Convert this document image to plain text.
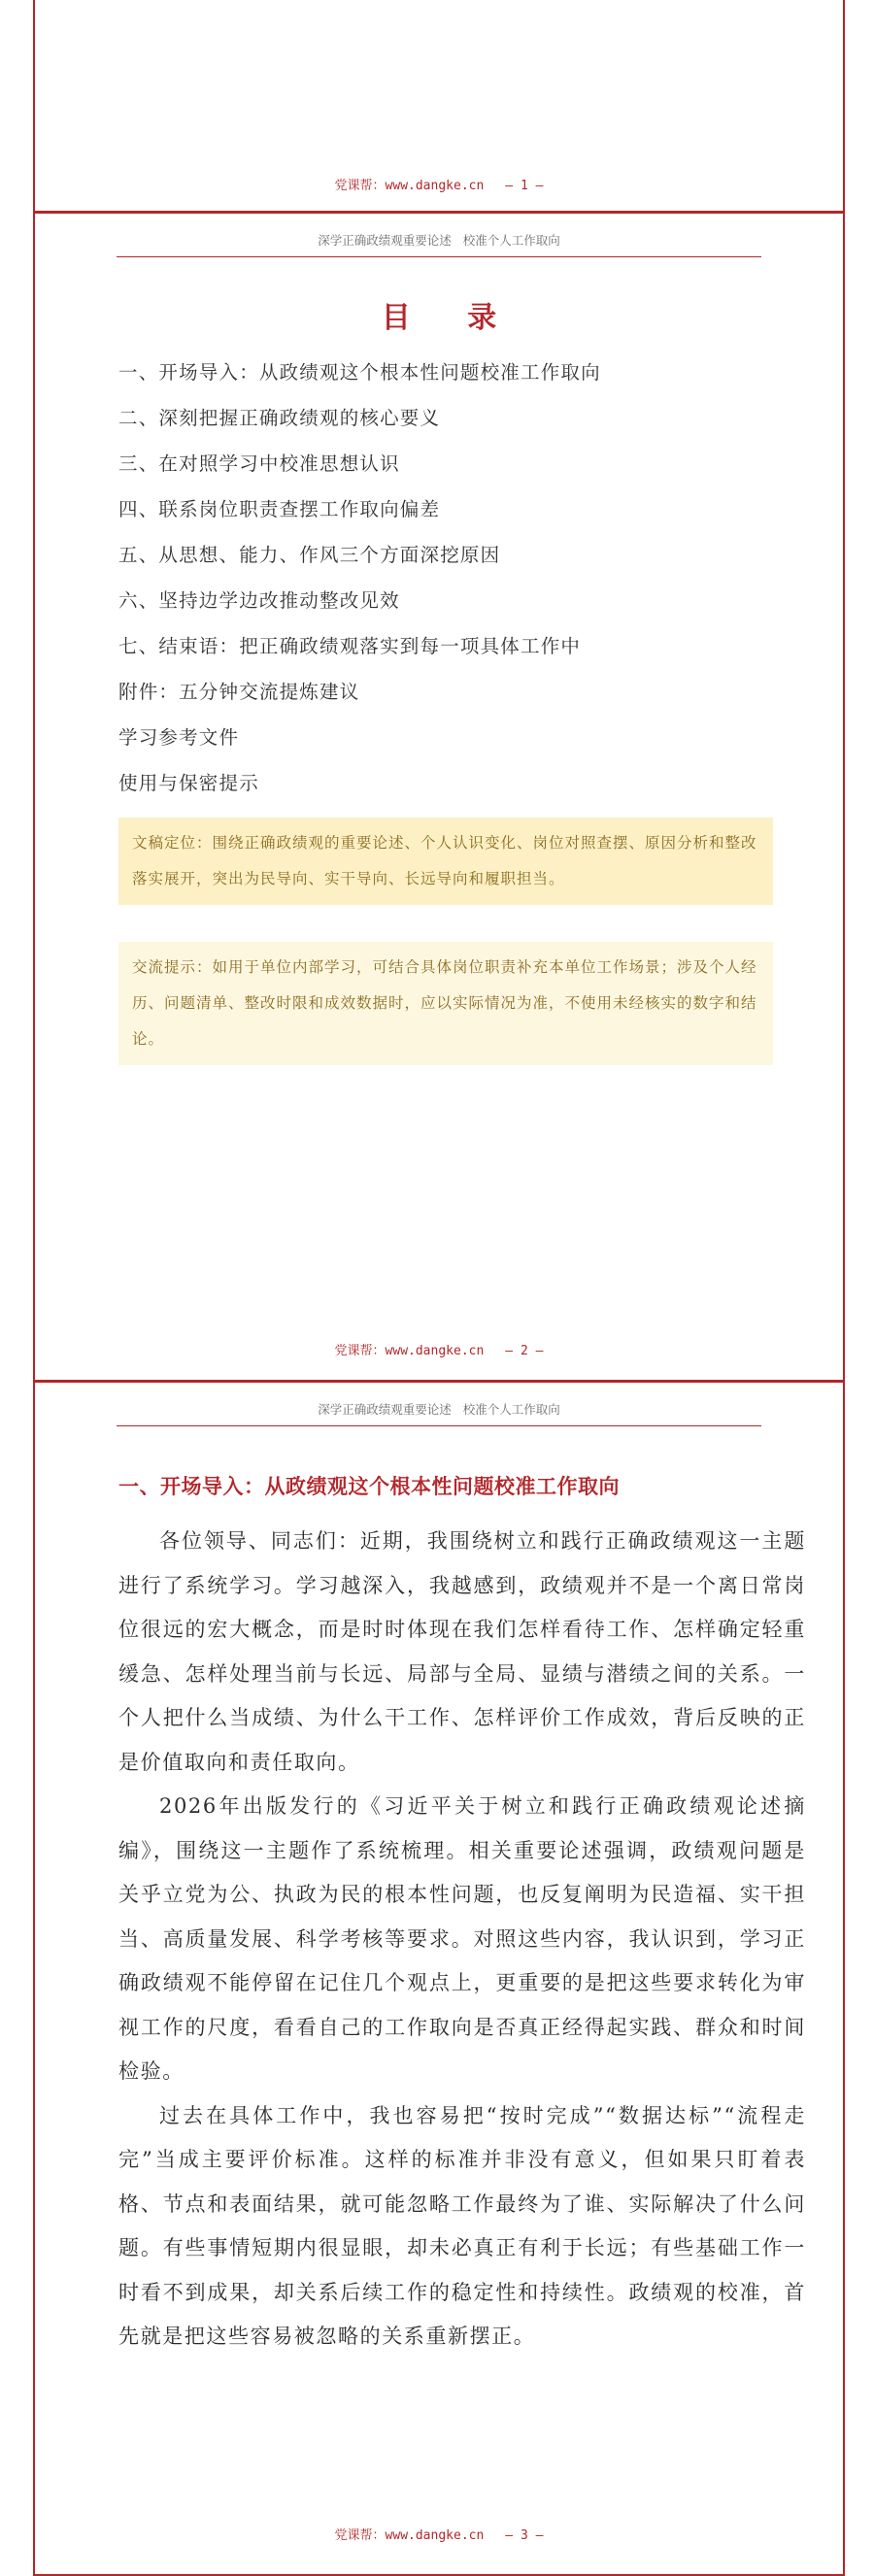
党课帮：www.dangke.cn — 1 —
深学正确政绩观重要论述 校准个人工作取向
目 录
一、开场导入：从政绩观这个根本性问题校准工作取向
二、深刻把握正确政绩观的核心要义
三、在对照学习中校准思想认识
四、联系岗位职责查摆工作取向偏差
五、从思想、能力、作风三个方面深挖原因
六、坚持边学边改推动整改见效
七、结束语：把正确政绩观落实到每一项具体工作中
附件：五分钟交流提炼建议
学习参考文件
使用与保密提示
文稿定位：围绕正确政绩观的重要论述、个人认识变化、岗位对照查摆、原因分析和整改落实展开，突出为民导向、实干导向、长远导向和履职担当。
交流提示：如用于单位内部学习，可结合具体岗位职责补充本单位工作场景；涉及个人经历、问题清单、整改时限和成效数据时，应以实际情况为准，不使用未经核实的数字和结论。
党课帮：www.dangke.cn — 2 —
深学正确政绩观重要论述 校准个人工作取向
一、开场导入：从政绩观这个根本性问题校准工作取向

各位领导、同志们：近期，我围绕树立和践行正确政绩观这一主题进行了系统学习。学习越深入，我越感到，政绩观并不是一个离日常岗位很远的宏大概念，而是时时体现在我们怎样看待工作、怎样确定轻重缓急、怎样处理当前与长远、局部与全局、显绩与潜绩之间的关系。一个人把什么当成绩、为什么干工作、怎样评价工作成效，背后反映的正是价值取向和责任取向。

2026年出版发行的《习近平关于树立和践行正确政绩观论述摘编》，围绕这一主题作了系统梳理。相关重要论述强调，政绩观问题是关乎立党为公、执政为民的根本性问题，也反复阐明为民造福、实干担当、高质量发展、科学考核等要求。对照这些内容，我认识到，学习正确政绩观不能停留在记住几个观点上，更重要的是把这些要求转化为审视工作的尺度，看看自己的工作取向是否真正经得起实践、群众和时间检验。

过去在具体工作中，我也容易把“按时完成”“数据达标”“流程走完”当成主要评价标准。这样的标准并非没有意义，但如果只盯着表格、节点和表面结果，就可能忽略工作最终为了谁、实际解决了什么问题。有些事情短期内很显眼，却未必真正有利于长远；有些基础工作一时看不到成果，却关系后续工作的稳定性和持续性。政绩观的校准，首先就是把这些容易被忽略的关系重新摆正。

党课帮：www.dangke.cn — 3 —
